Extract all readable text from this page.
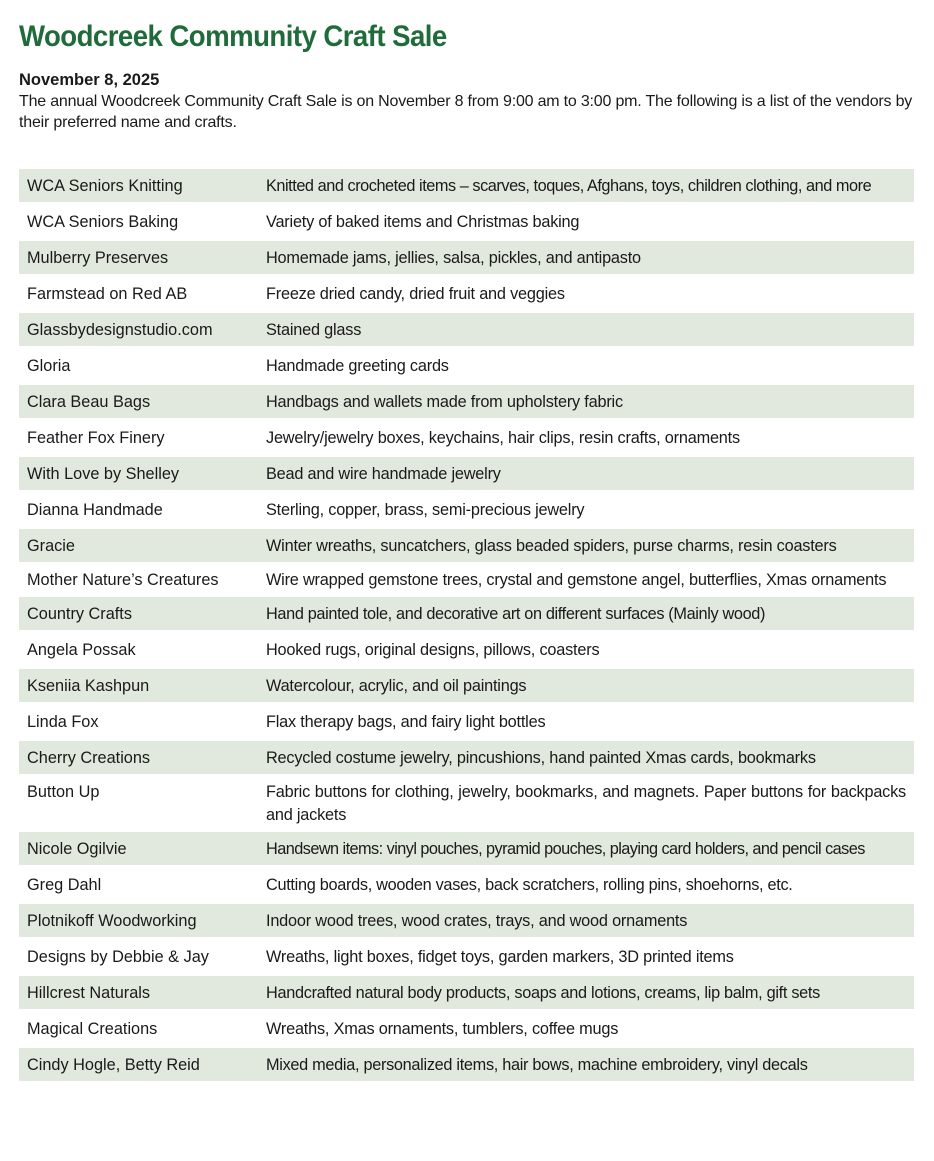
Woodcreek Community Craft Sale
November 8, 2025
The annual Woodcreek Community Craft Sale is on November 8 from 9:00 am to 3:00 pm. The following is a list of the vendors by their preferred name and crafts.
WCA Seniors Knitting	Knitted and crocheted items – scarves, toques, Afghans, toys, children clothing, and more
WCA Seniors Baking	Variety of baked items and Christmas baking
Mulberry Preserves	Homemade jams, jellies, salsa, pickles, and antipasto
Farmstead on Red AB	Freeze dried candy, dried fruit and veggies
Glassbydesignstudio.com	Stained glass
Gloria	Handmade greeting cards
Clara Beau Bags	Handbags and wallets made from upholstery fabric
Feather Fox Finery	Jewelry/jewelry boxes, keychains, hair clips, resin crafts, ornaments
With Love by Shelley	Bead and wire handmade jewelry
Dianna Handmade	Sterling, copper, brass, semi-precious jewelry
Gracie	Winter wreaths, suncatchers, glass beaded spiders, purse charms, resin coasters
Mother Nature’s Creatures	Wire wrapped gemstone trees, crystal and gemstone angel, butterflies, Xmas ornaments
Country Crafts	Hand painted tole, and decorative art on different surfaces (Mainly wood)
Angela Possak	Hooked rugs, original designs, pillows, coasters
Kseniia Kashpun	Watercolour, acrylic, and oil paintings
Linda Fox	Flax therapy bags, and fairy light bottles
Cherry Creations	Recycled costume jewelry, pincushions, hand painted Xmas cards, bookmarks
Button Up	Fabric buttons for clothing, jewelry, bookmarks, and magnets. Paper buttons for backpacks and jackets
Nicole Ogilvie	Handsewn items: vinyl pouches, pyramid pouches, playing card holders, and pencil cases
Greg Dahl	Cutting boards, wooden vases, back scratchers, rolling pins, shoehorns, etc.
Plotnikoff Woodworking	Indoor wood trees, wood crates, trays, and wood ornaments
Designs by Debbie & Jay	Wreaths, light boxes, fidget toys, garden markers, 3D printed items
Hillcrest Naturals	Handcrafted natural body products, soaps and lotions, creams, lip balm, gift sets
Magical Creations	Wreaths, Xmas ornaments, tumblers, coffee mugs
Cindy Hogle, Betty Reid	Mixed media, personalized items, hair bows, machine embroidery, vinyl decals
